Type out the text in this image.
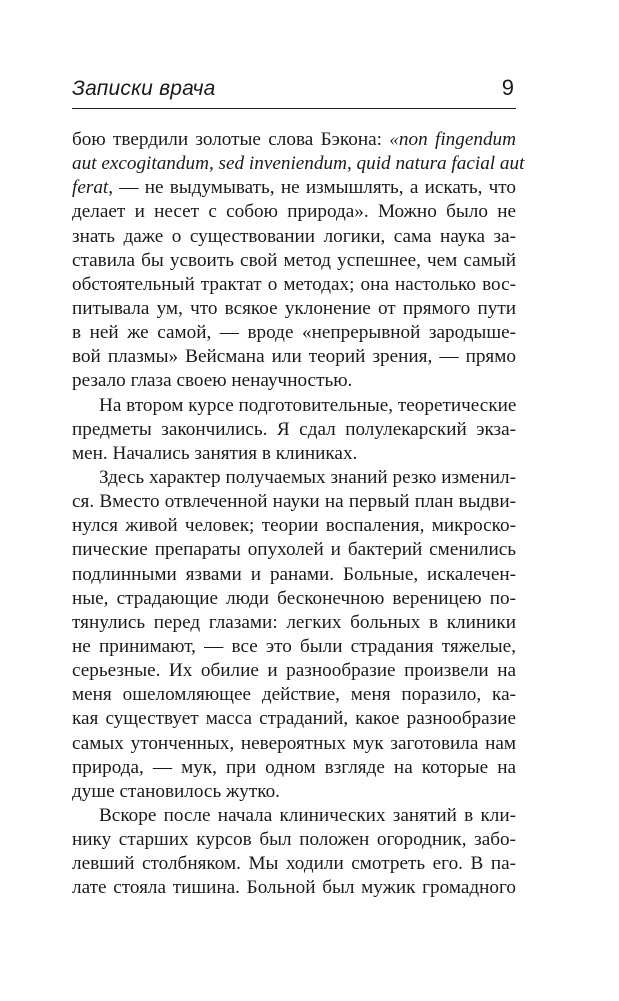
Записки врача	9
бою твердили золотые слова Бэкона: «non fingendum
aut excogitandum, sed inveniendum, quid natura facial aut
ferat, — не выдумывать, не измышлять, а искать, что
делает и несет с собою природа». Можно было не
знать даже о существовании логики, сама наука за-
ставила бы усвоить свой метод успешнее, чем самый
обстоятельный трактат о методах; она настолько вос-
питывала ум, что всякое уклонение от прямого пути
в ней же самой, — вроде «непрерывной зародыше-
вой плазмы» Вейсмана или теорий зрения, — прямо
резало глаза своею ненаучностью.
На втором курсе подготовительные, теоретические
предметы закончились. Я сдал полулекарский экза-
мен. Начались занятия в клиниках.
Здесь характер получаемых знаний резко изменил-
ся. Вместо отвлеченной науки на первый план выдви-
нулся живой человек; теории воспаления, микроско-
пические препараты опухолей и бактерий сменились
подлинными язвами и ранами. Больные, искалечен-
ные, страдающие люди бесконечною вереницею по-
тянулись перед глазами: легких больных в клиники
не принимают, — все это были страдания тяжелые,
серьезные. Их обилие и разнообразие произвели на
меня ошеломляющее действие, меня поразило, ка-
кая существует масса страданий, какое разнообразие
самых утонченных, невероятных мук заготовила нам
природа, — мук, при одном взгляде на которые на
душе становилось жутко.
Вскоре после начала клинических занятий в кли-
нику старших курсов был положен огородник, забо-
левший столбняком. Мы ходили смотреть его. В па-
лате стояла тишина. Больной был мужик громадного
